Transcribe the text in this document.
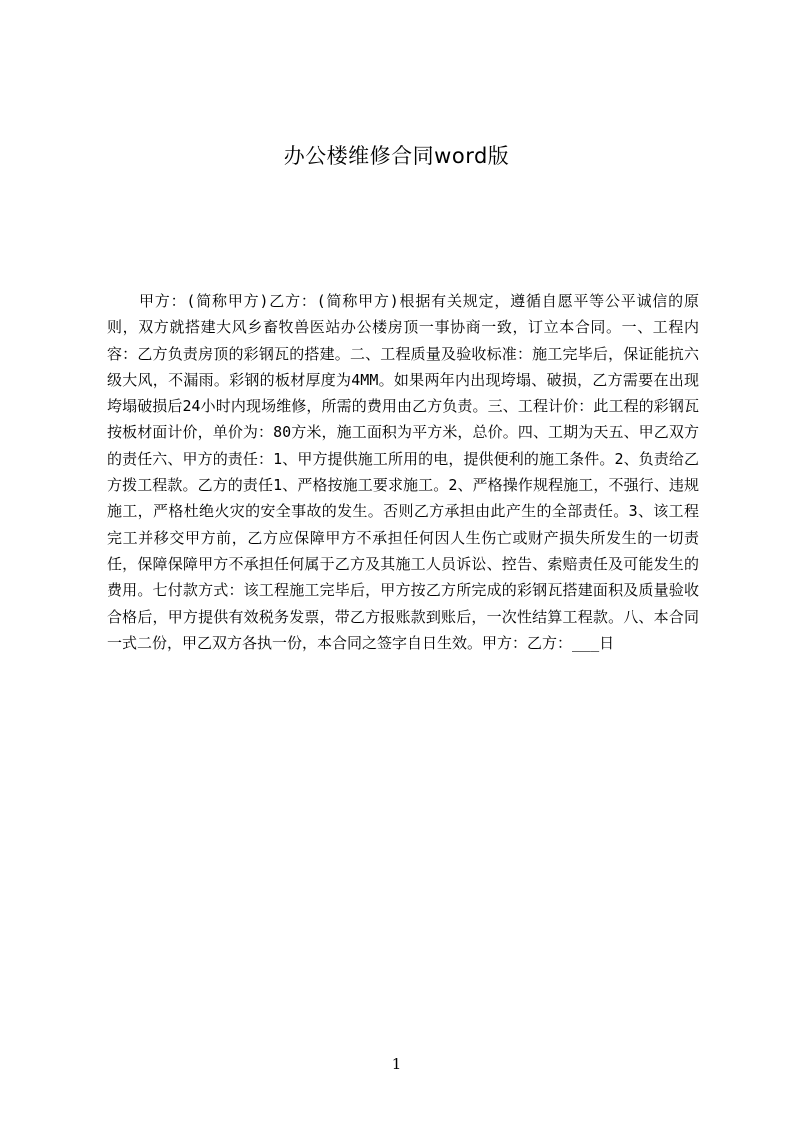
办公楼维修合同word版
甲方：(简称甲方)乙方：(简称甲方)根据有关规定，遵循自愿平等公平诚信的原则，双方就搭建大风乡畜牧兽医站办公楼房顶一事协商一致，订立本合同。一、工程内容：乙方负责房顶的彩钢瓦的搭建。二、工程质量及验收标准：施工完毕后，保证能抗六级大风，不漏雨。彩钢的板材厚度为4MM。如果两年内出现垮塌、破损，乙方需要在出现垮塌破损后24小时内现场维修，所需的费用由乙方负责。三、工程计价：此工程的彩钢瓦按板材面计价，单价为：80方米，施工面积为平方米，总价。四、工期为天五、甲乙双方的责任六、甲方的责任：1、甲方提供施工所用的电，提供便利的施工条件。2、负责给乙方拨工程款。乙方的责任1、严格按施工要求施工。2、严格操作规程施工，不强行、违规施工，严格杜绝火灾的安全事故的发生。否则乙方承担由此产生的全部责任。3、该工程完工并移交甲方前，乙方应保障甲方不承担任何因人生伤亡或财产损失所发生的一切责任，保障保障甲方不承担任何属于乙方及其施工人员诉讼、控告、索赔责任及可能发生的费用。七付款方式：该工程施工完毕后，甲方按乙方所完成的彩钢瓦搭建面积及质量验收合格后，甲方提供有效税务发票，带乙方报账款到账后，一次性结算工程款。八、本合同一式二份，甲乙双方各执一份，本合同之签字自日生效。甲方：乙方：___日
1
